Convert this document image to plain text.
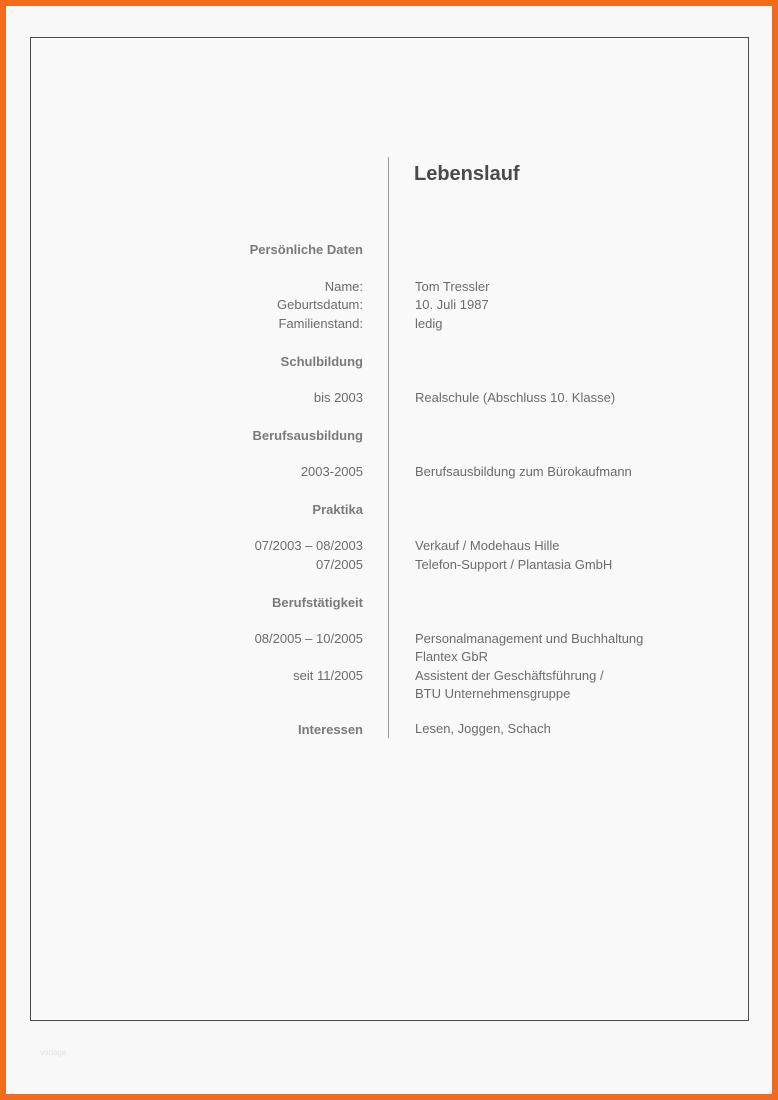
Lebenslauf
Persönliche Daten
Name:	Tom Tressler
Geburtsdatum:	10. Juli 1987
Familienstand:	ledig
Schulbildung
bis 2003	Realschule (Abschluss 10. Klasse)
Berufsausbildung
2003-2005	Berufsausbildung zum Bürokaufmann
Praktika
07/2003 – 08/2003	Verkauf / Modehaus Hille
07/2005	Telefon-Support / Plantasia GmbH
Berufstätigkeit
08/2005 – 10/2005	Personalmanagement und Buchhaltung
Flantex GbR
seit 11/2005	Assistent der Geschäftsführung /
BTU Unternehmensgruppe
Interessen	Lesen, Joggen, Schach
vorlage
